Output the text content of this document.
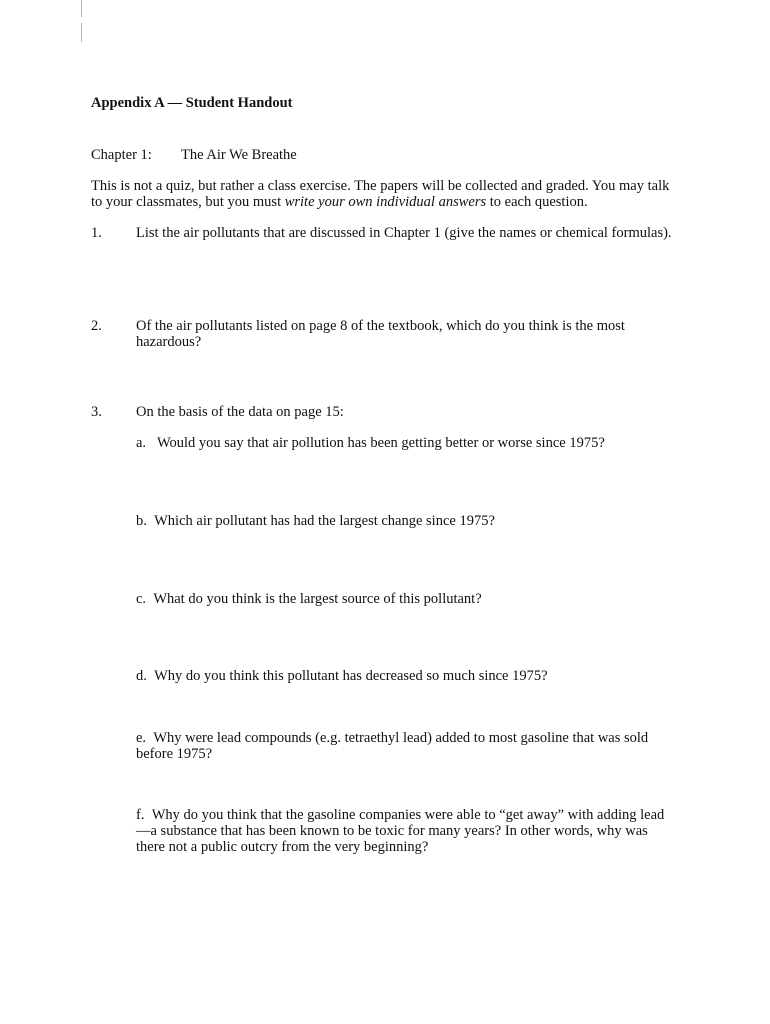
Appendix A — Student Handout
Chapter 1: The Air We Breathe
This is not a quiz, but rather a class exercise. The papers will be collected and graded. You may talk to your classmates, but you must write your own individual answers to each question.
1. List the air pollutants that are discussed in Chapter 1 (give the names or chemical formulas).
2. Of the air pollutants listed on page 8 of the textbook, which do you think is the most hazardous?
3. On the basis of the data on page 15:
a. Would you say that air pollution has been getting better or worse since 1975?
b. Which air pollutant has had the largest change since 1975?
c. What do you think is the largest source of this pollutant?
d. Why do you think this pollutant has decreased so much since 1975?
e. Why were lead compounds (e.g. tetraethyl lead) added to most gasoline that was sold before 1975?
f. Why do you think that the gasoline companies were able to “get away” with adding lead—a substance that has been known to be toxic for many years? In other words, why was there not a public outcry from the very beginning?
